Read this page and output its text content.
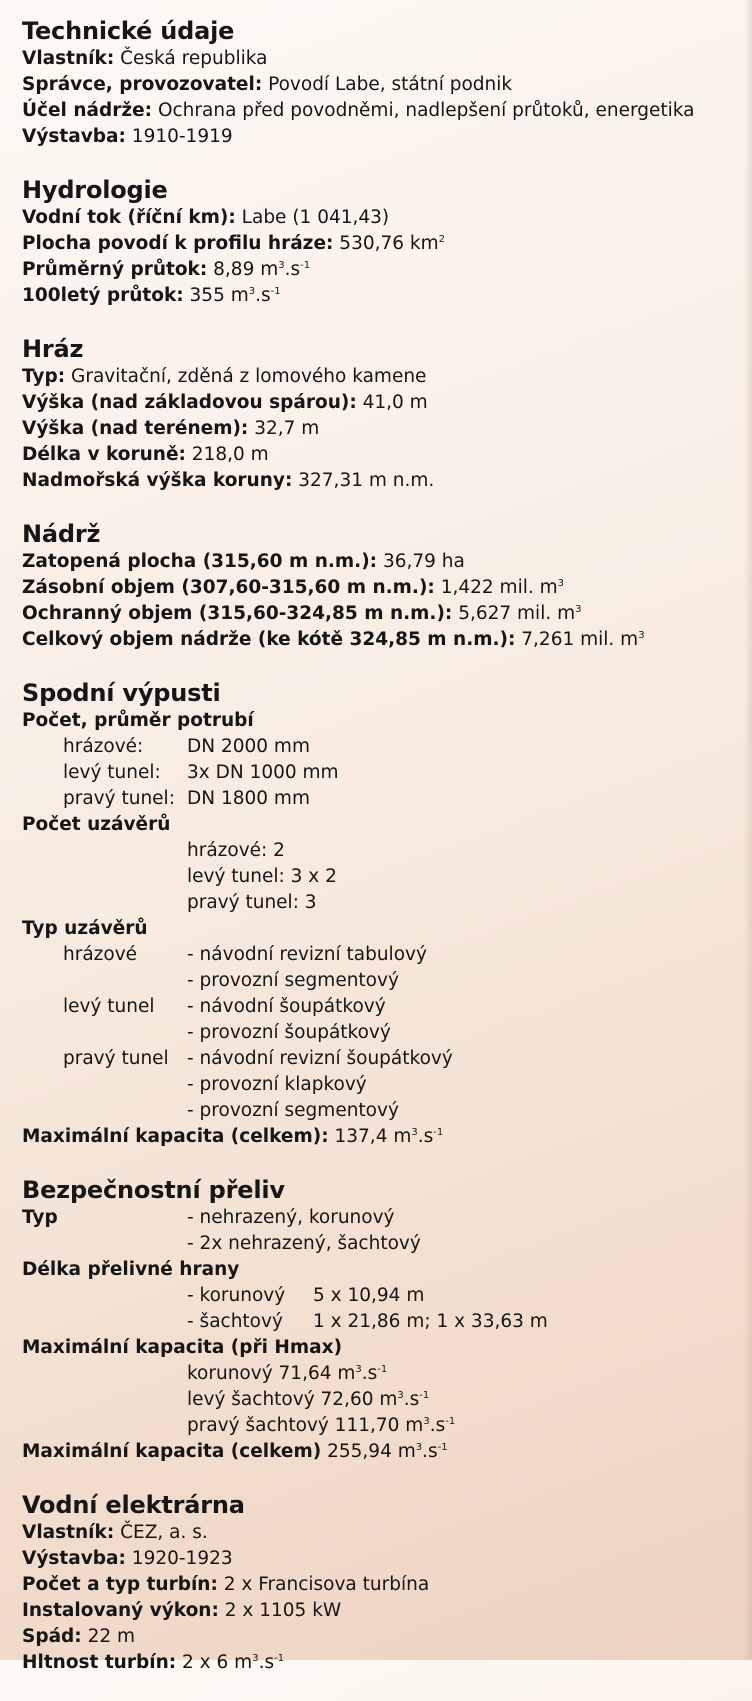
Technické údaje
Vlastník: Česká republika
Správce, provozovatel: Povodí Labe, státní podnik
Účel nádrže: Ochrana před povodněmi, nadlepšení průtoků, energetika
Výstavba: 1910-1919
Hydrologie
Vodní tok (říční km): Labe (1 041,43)
Plocha povodí k profilu hráze: 530,76 $km^2$
Průměrný průtok: 8,89 $m^3.s^{-1}$
100letý průtok: 355 $m^3.s^{-1}$
Hráz
Typ: Gravitační, zděná z lomového kamene
Výška (nad základovou spárou): 41,0 m
Výška (nad terénem): 32,7 m
Délka v koruně: 218,0 m
Nadmořská výška koruny: 327,31 m n.m.
Nádrž
Zatopená plocha (315,60 m n.m.): 36,79 ha
Zásobní objem (307,60-315,60 m n.m.): 1,422 mil. $m^3$
Ochranný objem (315,60-324,85 m n.m.): 5,627 mil. $m^3$
Celkový objem nádrže (ke kótě 324,85 m n.m.): 7,261 mil. $m^3$
Spodní výpusti
Počet, průměr potrubí
hrázové: DN 2000 mm
levý tunel: 3x DN 1000 mm
pravý tunel: DN 1800 mm
Počet uzávěrů
hrázové: 2
levý tunel: 3 x 2
pravý tunel: 3
Typ uzávěrů
hrázové	- návodní revizní tabulový
- provozní segmentový
levý tunel - návodní šoupátkový
- provozní šoupátkový
pravý tunel - návodní revizní šoupátkový
- provozní klapkový
- provozní segmentový
Maximální kapacita (celkem): 137,4 $m^3.s^{-1}$
Bezpečnostní přeliv
Typ	- nehrazený, korunový
- 2x nehrazený, šachtový
Délka přelivné hrany
- korunový 5 x 10,94 m
- šachtový 1 x 21,86 m; 1 x 33,63 m
Maximální kapacita (při Hmax)
korunový 71,64 $m^3.s^{-1}$
levý šachtový 72,60 $m^3.s^{-1}$
pravý šachtový 111,70 $m^3.s^{-1}$
Maximální kapacita (celkem) 255,94 $m^3.s^{-1}$
Vodní elektrárna
Vlastník: ČEZ, a. s.
Výstavba: 1920-1923
Počet a typ turbín: 2 x Francisova turbína
Instalovaný výkon: 2 x 1105 kW
Spád: 22 m
Hltnost turbín: 2 x 6 $m^3.s^{-1}$
